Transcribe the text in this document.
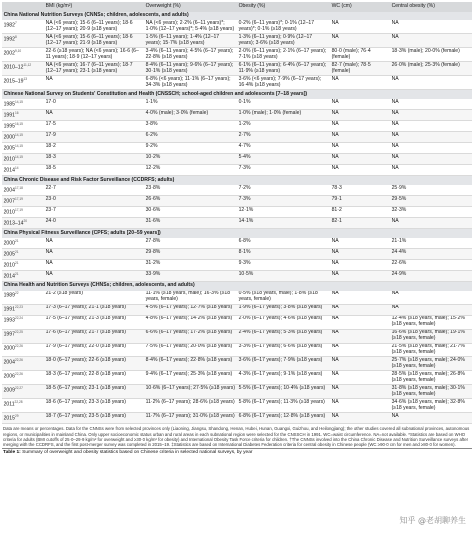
	BMI (kg/m²)	Overweight (%)	Obesity (%)	WC (cm)	Central obesity (%)
China National Nutrition Surveys (CNNSs; children, adolescents, and adults)					
1982$^7$	NA (<6 years); 15·6 (6–11 years); 18·6 (12–17 years); 20·9 (≥18 years)	NA (<6 years); 2·2% (6–11 years)*; 1·0% (12–17 years)*; 5·4% (≥18 years)	0·2% (6–11 years)*; 0·1% (12–17 years)*; 0·1% (≥18 years)	NA	NA
1992$^8$	NA (<6 years); 15·6 (6–11 years); 18·6 (12–17 years); 21·9 (≥18 years)	1·5% (6–11 years); 1·4% (12–17 years); 15·7% (≥18 years)	1·3% (6–11 years); 0·9% (12–17 years); 3·6% (≥18 years)	NA	NA
2002$^{9,10}$	22·6 (≥18 years); NA (<6 years); 16·6 (6–11 years); 18·9 (12–17 years)	3·4% (6–11 years); 4·5% (6–17 years); 22·8% (≥18 years)	2·0% (6–11 years); 2·1% (6–17 years); 7·1% (≥18 years)	80·0 (male); 76·4 (female)	18·3% (male); 20·0% (female)
2010–12$^{11,12}$	NA (<6 years); 16·7 (6–11 years); 18·7 (12–17 years); 23·1 (≥18 years)	8·4% (6–11 years); 9·6% (6–17 years); 30·1% (≥18 years)	6·1% (6–11 years); 6·4% (6–17 years); 11·9% (≥18 years)	82·7 (male); 78·5 (female)	26·0% (male); 25·3% (female)
$2015-19^{13}$	NA	6·8% (<6 years); 11·1% (6–17 years); 34·3% (≥18 years)	3·6% (<6 years); 7·9% (6–17 years); 16·4% (≥18 years)	NA	NA
Chinese National Survey on Students' Constitution and Health (CNSSCH; school-aged children and adolescents [7–18 years])					
1985$^{14,15}$	17·0	1·1%	0·1%	NA	NA
1991$^{16}$	NA	4·0% (male); 3·0% (female)	1·0% (male); 1·0% (female)	NA	NA
1995$^{16,15}$	17·5	3·8%	1·2%	NA	NA
2000$^{14,15}$	17·9	6·2%	2·7%	NA	NA
2005$^{14,15}$	18·2	9·2%	4·7%	NA	NA
2010$^{14,15}$	18·3	10·2%	5·4%	NA	NA
2014$^{14}$	18·5	12·2%	7·3%	NA	NA
China Chronic Disease and Risk Factor Surveillance (CCDRFS; adults)					
2004$^{17,18}$	22·7	23·8%	7·2%	78·3	25·9%
2007$^{17,19}$	23·0	26·6%	7·3%	79·1	29·5%
2010$^{17,19}$	23·7	30·6%	12·1%	81·2	32·3%
$2013-14^{20}$	24·0	31·6%	14·1%	82·1	NA
China Physical Fitness Surveillance (CPFS; adults [20–59 years])					
2000$^{21}$	NA	27·8%	6·8%	NA	21·1%
2005$^{21}$	NA	29·8%	8·1%	NA	24·4%
2010$^{21}$	NA	31·2%	9·3%	NA	22·6%
2014$^{21}$	NA	33·9%	10·5%	NA	24·9%
China Health and Nutrition Surveys (CHNSs; children, adolescents, and adults)					
1989$^{22}$	21·2 (≥18 years)	11·1% (≥18 years, male); 16·3% (≥18 years, female)	0·5% (≥18 years, male); 1·8% (≥18 years, female)	NA	NA
1991$^{22,23}$	17·3 (6–17 years); 21·1 (≥18 years)	4·5% (6–17 years); 12·7% (≥18 years)	1·9% (6–17 years); 3·8% (≥18 years)	NA	NA
1993$^{22,24}$	17·5 (6–17 years); 21·3 (≥18 years)	4·8% (6–17 years); 14·2% (≥18 years)	2·0% (6–17 years); 4·6% (≥18 years)	NA	12·4% (≥18 years, male); 15·2% (≥18 years, female)
1997$^{22,25}$	17·6 (6–17 years); 21·7 (≥18 years)	6·6% (6–17 years); 17·2% (≥18 years)	2·4% (6–17 years); 5·3% (≥18 years)	NA	16·6% (≥18 years, male); 19·1% (≥18 years, female)
2000$^{22,26}$	17·9 (6–17 years); 22·0 (≥18 years)	7·5% (6–17 years); 20·0% (≥18 years)	3·3% (6–17 years); 6·6% (≥18 years)	NA	21·5% (≥18 years, male); 21·7% (≥18 years, female)
2004$^{22,26}$	18·0 (6–17 years); 22·6 (≥18 years)	8·4% (6–17 years); 22·8% (≥18 years)	3·6% (6–17 years); 7·9% (≥18 years)	NA	25·7% (≥18 years, male); 24·0% (≥18 years, female)
2006$^{22,26}$	18·3 (6–17 years); 22·8 (≥18 years)	9·4% (6–17 years); 25·3% (≥18 years)	4·3% (6–17 years); 9·1% (≥18 years)	NA	28·5% (≥18 years, male); 26·8% (≥18 years, female)
2009$^{22,27}$	18·5 (6–17 years); 23·1 (≥18 years)	10·6% (6–17 years); 27·5% (≥18 years)	5·5% (6–17 years); 10·4% (≥18 years)	NA	31·8% (≥18 years, male); 30·1% (≥18 years, female)
2011$^{22,28}$	18·6 (6–17 years); 23·3 (≥18 years)	11·2% (6–17 years); 28·6% (≥18 years)	5·8% (6–17 years); 11·3% (≥18 years)	NA	34·6% (≥18 years, male); 32·8% (≥18 years, female)
2015$^{29}$	18·7 (6–17 years); 23·5 (≥18 years)	11·7% (6–17 years); 31·0% (≥18 years)	6·8% (6–17 years); 12·8% (≥18 years)	NA	NA
Data are means or percentages. Data for the CNNSs were from selected provinces only (Liaoning, Jiangsu, Shandong, Henan, Hubei, Hunan, Guangxi, Guizhou, and Heilongjiang); the other studies covered all subnational provinces, autonomous regions, or municipalities in mainland China. Only upper socioeconomic status urban and rural areas in each subnational region were selected for the CNSSCH in 1991. WC=waist circumference. NA=not available. *Statistics are based on WHO criteria for adults (BMI cutoffs of 25·0–29·9 kg/m² for overweight and ≥30·0 kg/m² for obesity) and International Obesity Task Force criteria for children. †The CNNSs involved into the China Chronic Disease and Nutrition Surveillance surveys after merging with the CCDRFS, and the first post-merger survey was completed in 2015–19. ‡Statistics are based on International Diabetes Federation criteria for central obesity in Chinese people (WC ≥90·0 cm for men and ≥80·0 for women).
Table 1: Summary of overweight and obesity statistics based on Chinese criteria in selected national surveys, by year
知乎 @老胡聊养生
